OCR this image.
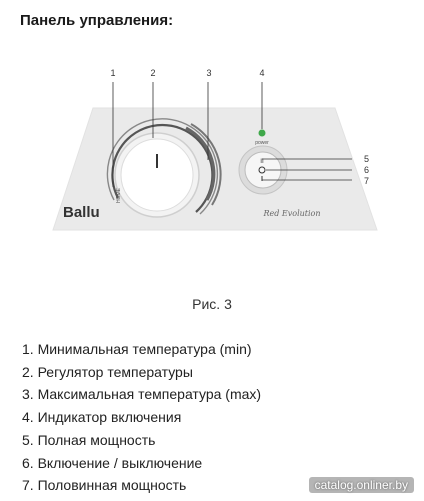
Панель управления:
Ballu
HOME
power
II
Red Evolution
1	2	3	4
5
6
7
Рис. 3
1. Минимальная температура (min)
2. Регулятор температуры
3. Максимальная температура (max)
4. Индикатор включения
5. Полная мощность
6. Включение / выключение
7. Половинная мощность	catalog.onliner.by
